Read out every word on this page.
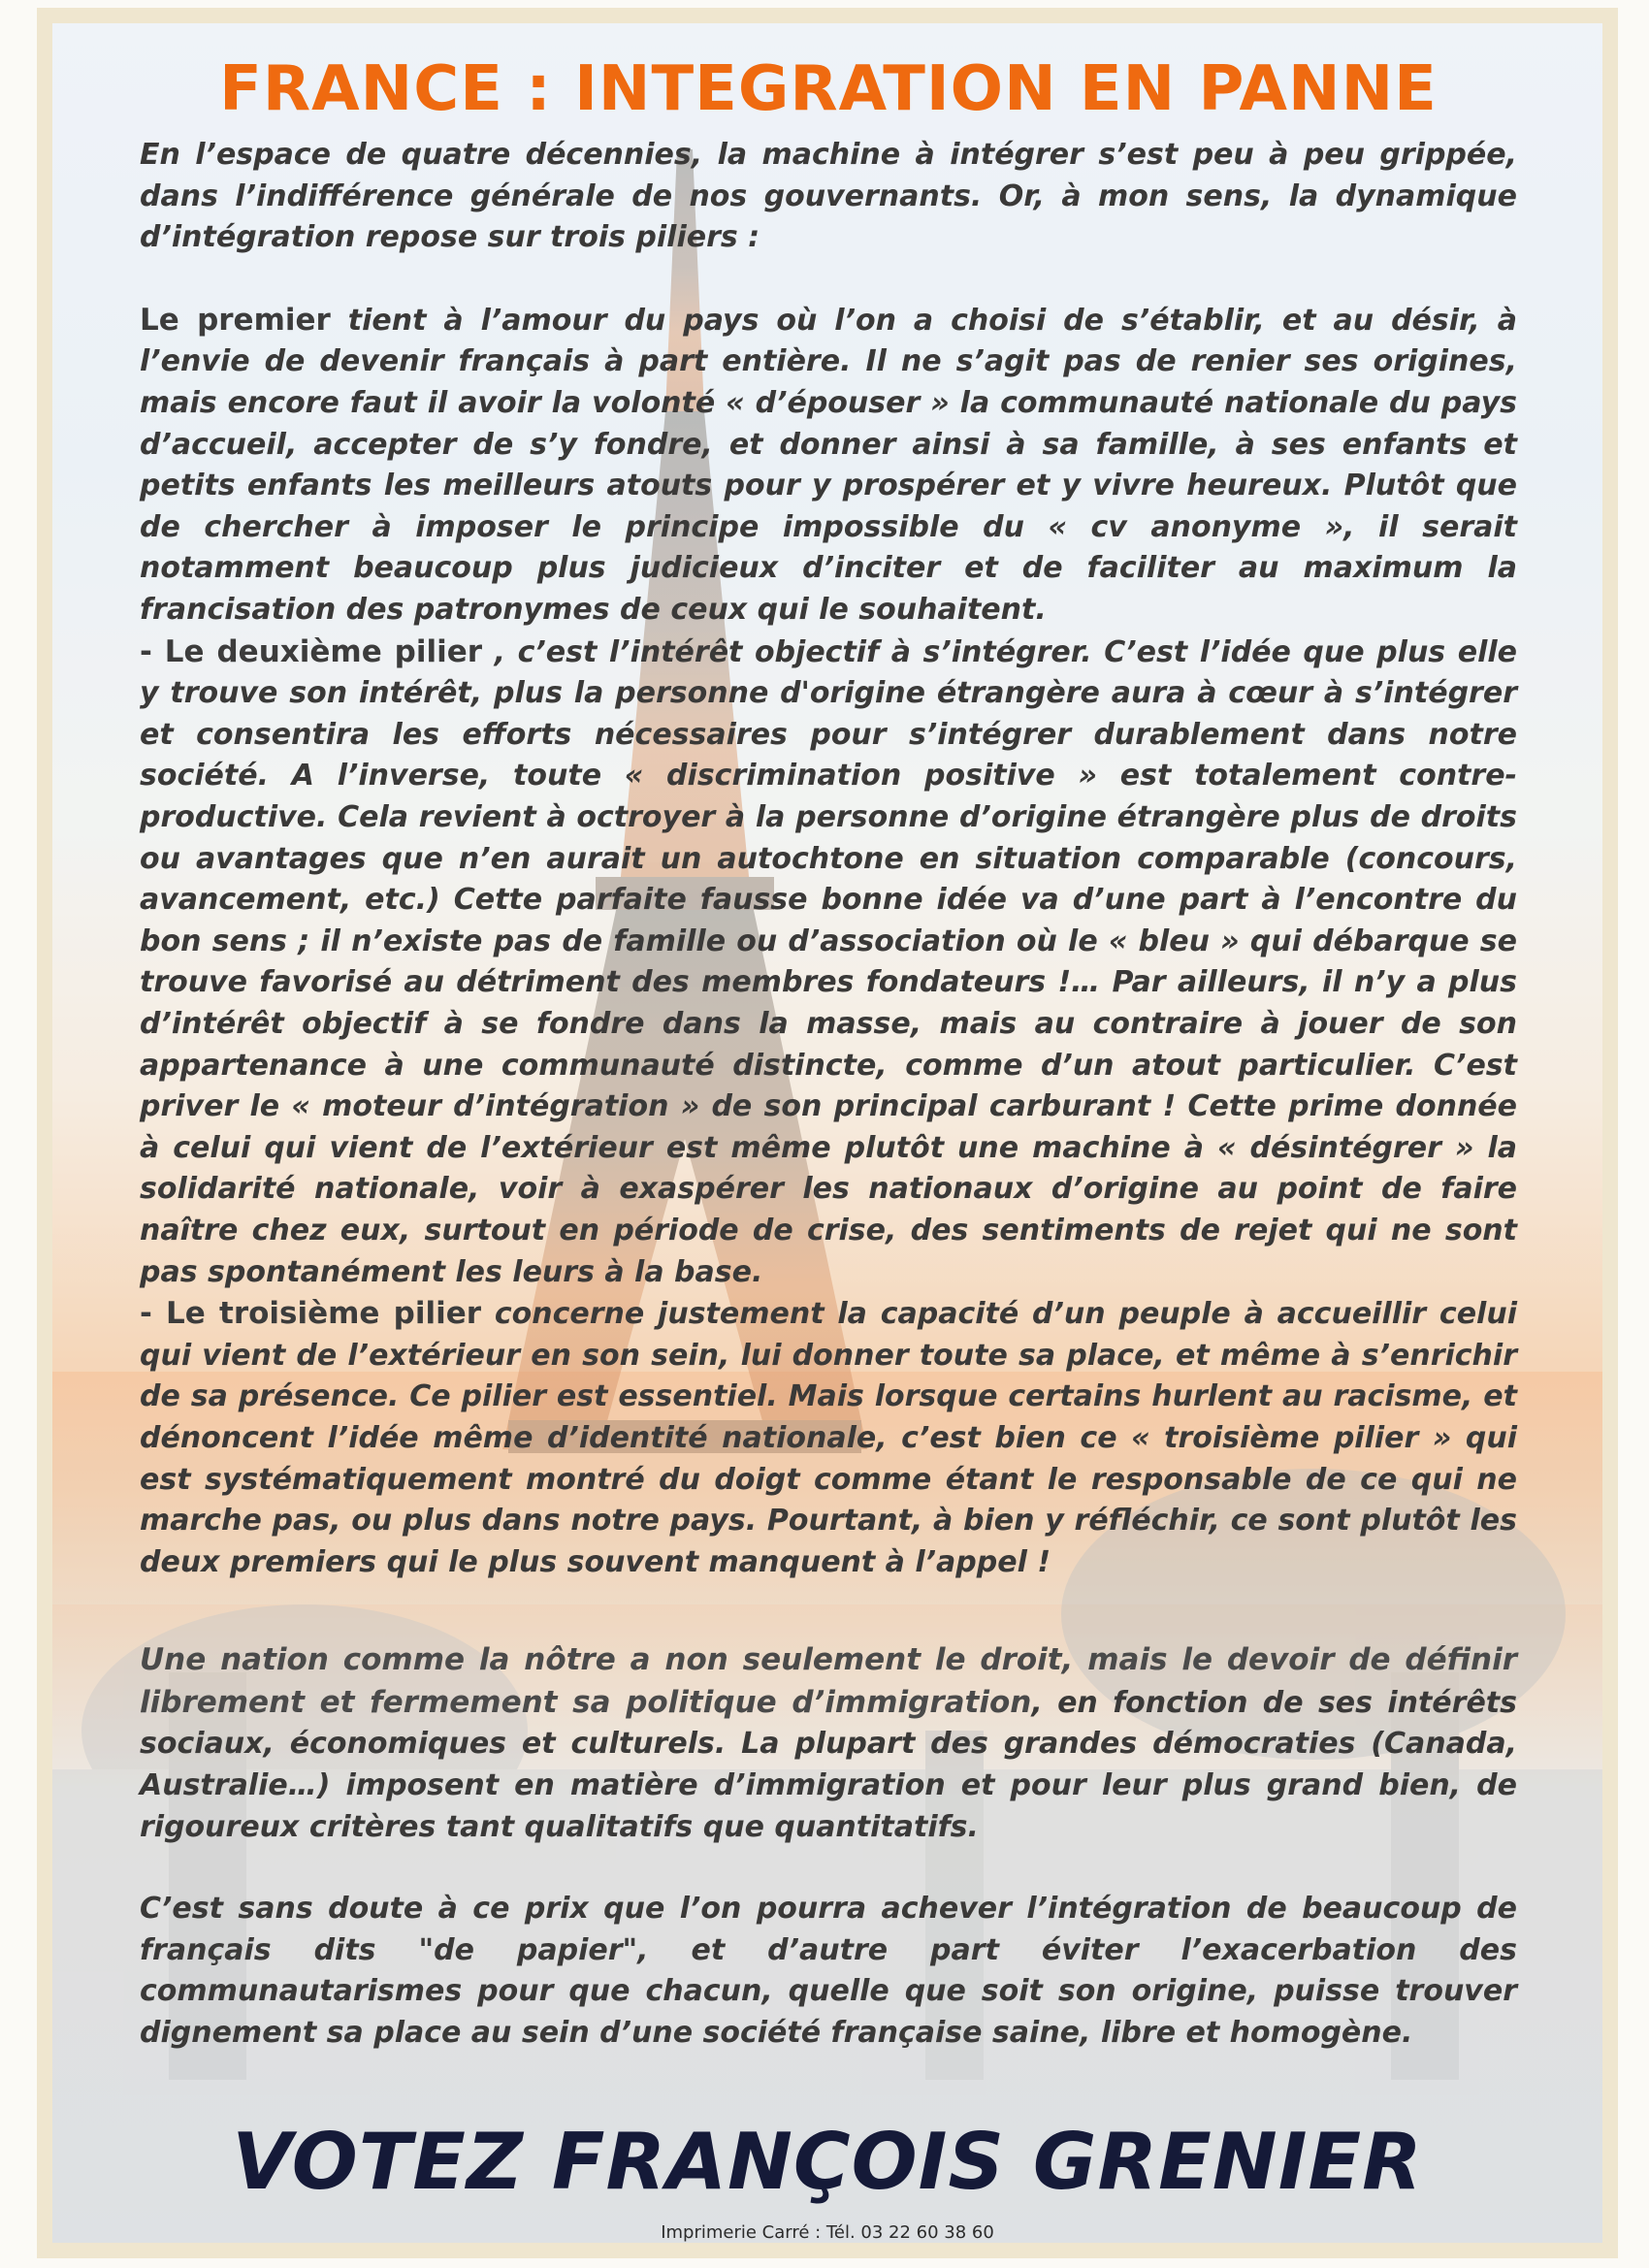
FRANCE : INTEGRATION EN PANNE

En l’espace de quatre décennies, la machine à intégrer s’est peu à peu grippée, dans l’indifférence générale de nos gouvernants. Or, à mon sens, la dynamique d’intégration repose sur trois piliers :

Le premier tient à l’amour du pays où l’on a choisi de s’établir, et au désir, à l’envie de devenir français à part entière. Il ne s’agit pas de renier ses origines, mais encore faut il avoir la volonté « d’épouser » la communauté nationale du pays d’accueil, accepter de s’y fondre, et donner ainsi à sa famille, à ses enfants et petits enfants les meilleurs atouts pour y prospérer et y vivre heureux. Plutôt que de chercher à imposer le principe impossible du « cv anonyme », il serait notamment beaucoup plus judicieux d’inciter et de faciliter au maximum la francisation des patronymes de ceux qui le souhaitent.

- Le deuxième pilier , c’est l’intérêt objectif à s’intégrer. C’est l’idée que plus elle y trouve son intérêt, plus la personne d'origine étrangère aura à cœur à s’intégrer et consentira les efforts nécessaires pour s’intégrer durablement dans notre société. A l’inverse, toute « discrimination positive » est totalement contre-productive. Cela revient à octroyer à la personne d’origine étrangère plus de droits ou avantages que n’en aurait un autochtone en situation comparable (concours, avancement, etc.) Cette parfaite fausse bonne idée va d’une part à l’encontre du bon sens ; il n’existe pas de famille ou d’association où le « bleu » qui débarque se trouve favorisé au détriment des membres fondateurs !… Par ailleurs, il n’y a plus d’intérêt objectif à se fondre dans la masse, mais au contraire à jouer de son appartenance à une communauté distincte, comme d’un atout particulier. C’est priver le « moteur d’intégration » de son principal carburant ! Cette prime donnée à celui qui vient de l’extérieur est même plutôt une machine à « désintégrer » la solidarité nationale, voir à exaspérer les nationaux d’origine au point de faire naître chez eux, surtout en période de crise, des sentiments de rejet qui ne sont pas spontanément les leurs à la base.

- Le troisième pilier concerne justement la capacité d’un peuple à accueillir celui qui vient de l’extérieur en son sein, lui donner toute sa place, et même à s’enrichir de sa présence. Ce pilier est essentiel. Mais lorsque certains hurlent au racisme, et dénoncent l’idée même d’identité nationale, c’est bien ce « troisième pilier » qui est systématiquement montré du doigt comme étant le responsable de ce qui ne marche pas, ou plus dans notre pays. Pourtant, à bien y réfléchir, ce sont plutôt les deux premiers qui le plus souvent manquent à l’appel !

Une nation comme la nôtre a non seulement le droit, mais le devoir de définir librement et fermement sa politique d’immigration, en fonction de ses intérêts sociaux, économiques et culturels. La plupart des grandes démocraties (Canada, Australie…) imposent en matière d’immigration et pour leur plus grand bien, de rigoureux critères tant qualitatifs que quantitatifs.

C’est sans doute à ce prix que l’on pourra achever l’intégration de beaucoup de français dits "de papier", et d’autre part éviter l’exacerbation des communautarismes pour que chacun, quelle que soit son origine, puisse trouver dignement sa place au sein d’une société française saine, libre et homogène.

VOTEZ FRANÇOIS GRENIER
Imprimerie Carré : Tél. 03 22 60 38 60
